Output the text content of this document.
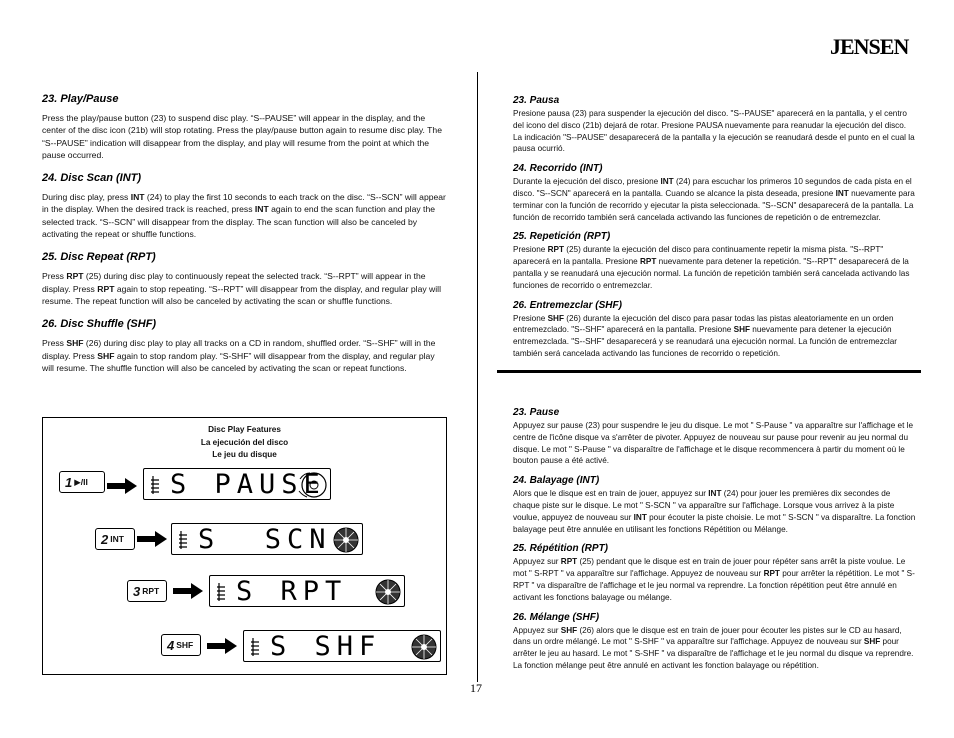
JENSEN
23. Play/Pause
Press the play/pause button (23) to suspend disc play. “S--PAUSE” will appear in the display, and the center of the disc icon (21b) will stop rotating. Press the play/pause button again to resume disc play. The “S--PAUSE” indication will disappear from the display, and play will resume from the point at which the pause occurred.
24. Disc Scan (INT)
During disc play, press INT (24) to play the first 10 seconds to each track on the disc. “S--SCN” will appear in the display. When the desired track is reached, press INT again to end the scan function and play the selected track. “S--SCN” will disappear from the display. The scan function will also be canceled by activating the repeat or shuffle functions.
25. Disc Repeat (RPT)
Press RPT (25) during disc play to continuously repeat the selected track. “S--RPT” will appear in the display. Press RPT again to stop repeating. “S--RPT” will disappear from the display, and regular play will resume. The repeat function will also be canceled by activating the scan or shuffle functions.
26. Disc Shuffle (SHF)
Press SHF (26) during disc play to play all tracks on a CD in random, shuffled order. “S--SHF” will in the display. Press SHF again to stop random play. “S-SHF” will disappear from the display, and regular play will resume. The shuffle function will also be canceled by activating the scan or repeat functions.
Disc Play Features
La ejecución del disco
Le jeu du disque
1 ▶/II	S PAUSE
2 INT	S  SCN
3 RPT	S RPT
4 SHF	S SHF
23. Pausa
Presione pausa (23) para suspender la ejecución del disco. "S--PAUSE" aparecerá en la pantalla, y el centro del icono del disco (21b) dejará de rotar. Presione PAUSA nuevamente para reanudar la ejecución del disco. La indicación "S--PAUSE" desaparecerá de la pantalla y la ejecución se reanudará desde el punto en el cual la pausa ocurrió.
24. Recorrido (INT)
Durante la ejecución del disco, presione INT (24) para escuchar los primeros 10 segundos de cada pista en el disco. "S--SCN" aparecerá en la pantalla. Cuando se alcance la pista deseada, presione INT nuevamente para terminar con la función de recorrido y ejecutar la pista seleccionada. "S--SCN" desaparecerá de la pantalla. La función de recorrido también será cancelada activando las funciones de repetición o de entremezclar.
25. Repetición (RPT)
Presione RPT (25) durante la ejecución del disco para continuamente repetir la misma pista. "S--RPT" aparecerá en la pantalla. Presione RPT nuevamente para detener la repetición. "S--RPT" desaparecerá de la pantalla y se reanudará una ejecución normal. La función de repetición también será cancelada activando las funciones de recorrido o entremezclar.
26. Entremezclar (SHF)
Presione SHF (26) durante la ejecución del disco para pasar todas las pistas aleatoriamente en un orden entremezclado. "S--SHF" aparecerá en la pantalla. Presione SHF nuevamente para detener la ejecución entremezclada. "S--SHF" desaparecerá y se reanudará una ejecución normal. La función de entremezclar también será cancelada activando las funciones de recorrido o repetición.
23. Pause
Appuyez sur pause (23) pour suspendre le jeu du disque. Le mot " S-Pause " va apparaître sur l'affichage et le centre de l'icône disque va s'arrêter de pivoter. Appuyez de nouveau sur pause pour revenir au jeu normal du disque. Le mot " S-Pause " va disparaître de l'affichage et le disque recommencera à partir du moment où le bouton pause a été activé.
24. Balayage (INT)
Alors que le disque est en train de jouer, appuyez sur INT (24) pour jouer les premières dix secondes de chaque piste sur le disque. Le mot " S-SCN " va apparaître sur l'affichage. Lorsque vous arrivez à la piste voulue, appuyez de nouveau sur INT pour écouter la piste choisie. Le mot " S-SCN " va disparaître. La fonction balayage peut être annulée en utilisant les fonctions Répétition ou Mélange.
25. Répétition (RPT)
Appuyez sur RPT (25) pendant que le disque est en train de jouer pour répéter sans arrêt la piste voulue. Le mot " S-RPT " va apparaître sur l'affichage. Appuyez de nouveau sur RPT pour arrêter la répétition. Le mot " S-RPT " va disparaître de l'affichage et le jeu normal va reprendre. La fonction répétition peut être annulé en activant les fonctions balayage ou mélange.
26. Mélange (SHF)
Appuyez sur SHF (26) alors que le disque est en train de jouer pour écouter les pistes sur le CD au hasard, dans un ordre mélangé. Le mot " S-SHF " va apparaître sur l'affichage. Appuyez de nouveau sur SHF pour arrêter le jeu au hasard. Le mot " S-SHF " va disparaître de l'affichage et le jeu normal du disque va reprendre. La fonction mélange peut être annulé en activant les fonction balayage ou répétition.
17
